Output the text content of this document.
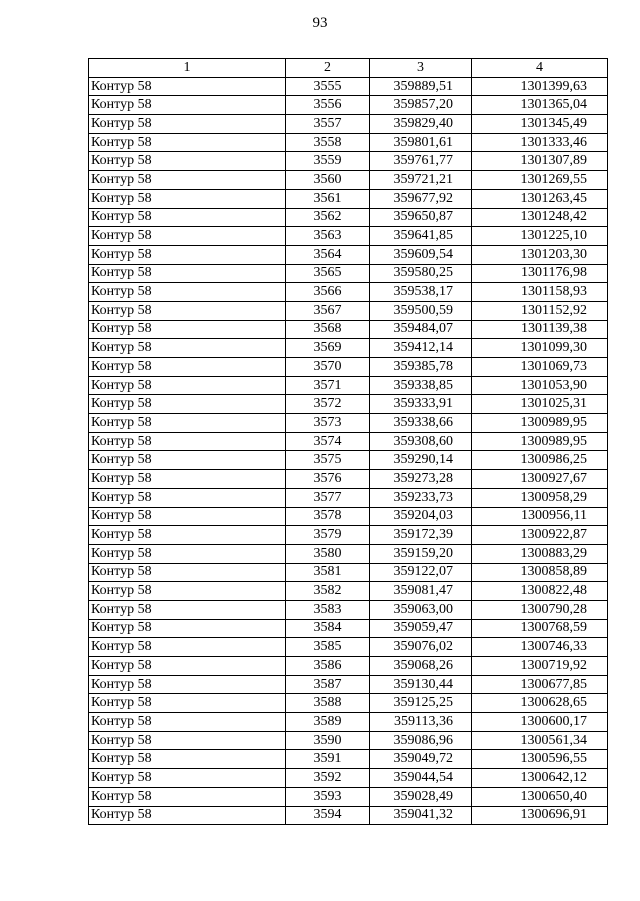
93
1	2	3	4
Контур 58	3555	359889,51	1301399,63
Контур 58	3556	359857,20	1301365,04
Контур 58	3557	359829,40	1301345,49
Контур 58	3558	359801,61	1301333,46
Контур 58	3559	359761,77	1301307,89
Контур 58	3560	359721,21	1301269,55
Контур 58	3561	359677,92	1301263,45
Контур 58	3562	359650,87	1301248,42
Контур 58	3563	359641,85	1301225,10
Контур 58	3564	359609,54	1301203,30
Контур 58	3565	359580,25	1301176,98
Контур 58	3566	359538,17	1301158,93
Контур 58	3567	359500,59	1301152,92
Контур 58	3568	359484,07	1301139,38
Контур 58	3569	359412,14	1301099,30
Контур 58	3570	359385,78	1301069,73
Контур 58	3571	359338,85	1301053,90
Контур 58	3572	359333,91	1301025,31
Контур 58	3573	359338,66	1300989,95
Контур 58	3574	359308,60	1300989,95
Контур 58	3575	359290,14	1300986,25
Контур 58	3576	359273,28	1300927,67
Контур 58	3577	359233,73	1300958,29
Контур 58	3578	359204,03	1300956,11
Контур 58	3579	359172,39	1300922,87
Контур 58	3580	359159,20	1300883,29
Контур 58	3581	359122,07	1300858,89
Контур 58	3582	359081,47	1300822,48
Контур 58	3583	359063,00	1300790,28
Контур 58	3584	359059,47	1300768,59
Контур 58	3585	359076,02	1300746,33
Контур 58	3586	359068,26	1300719,92
Контур 58	3587	359130,44	1300677,85
Контур 58	3588	359125,25	1300628,65
Контур 58	3589	359113,36	1300600,17
Контур 58	3590	359086,96	1300561,34
Контур 58	3591	359049,72	1300596,55
Контур 58	3592	359044,54	1300642,12
Контур 58	3593	359028,49	1300650,40
Контур 58	3594	359041,32	1300696,91
